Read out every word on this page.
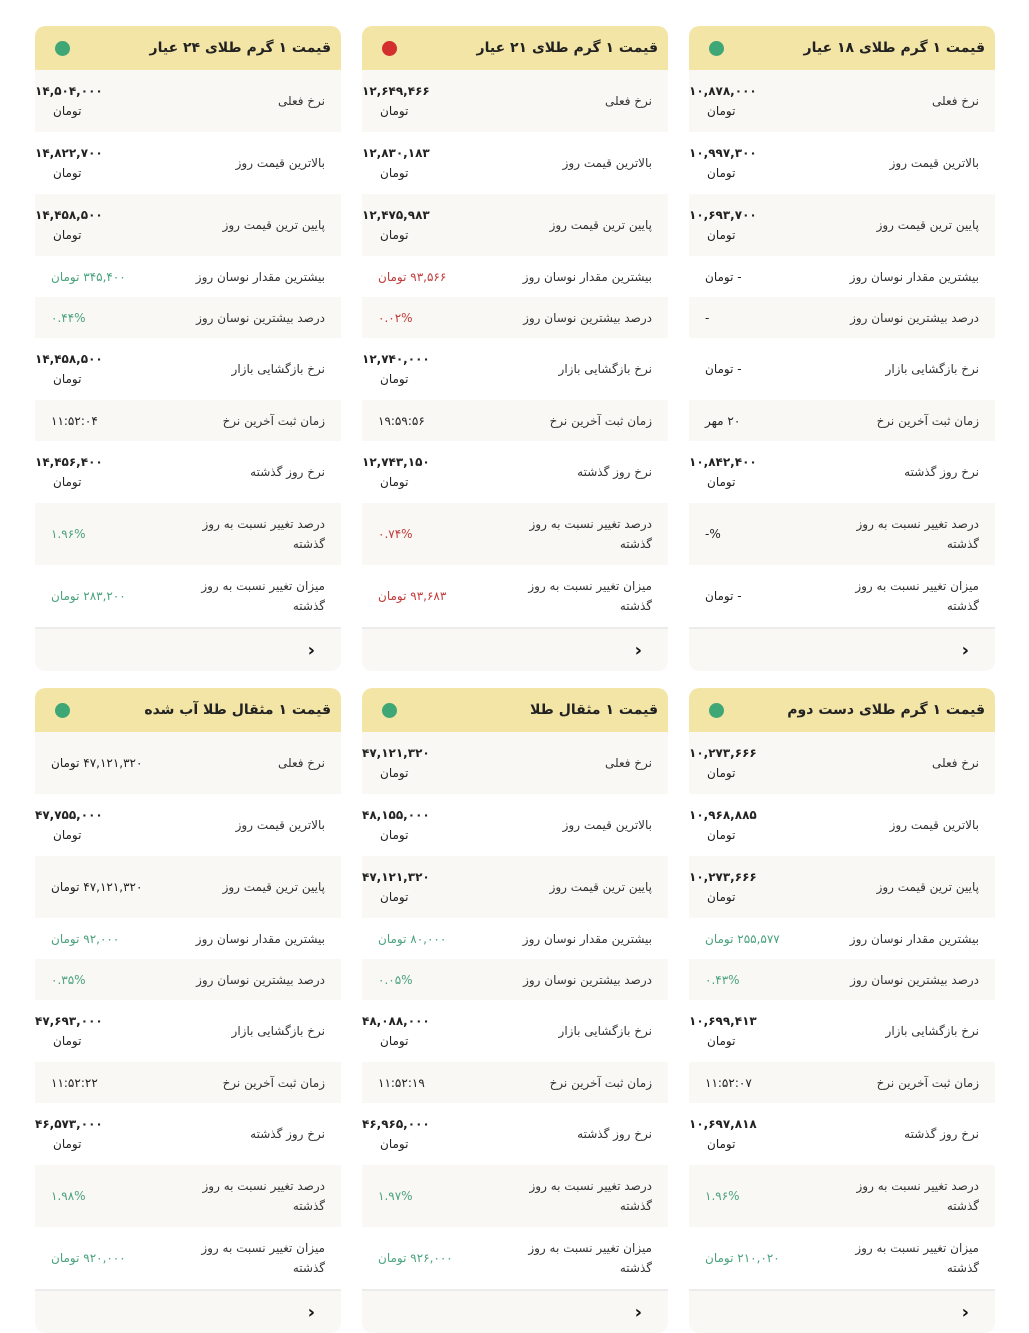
قیمت ۱ گرم طلای ۱۸ عیار
نرخ فعلی
۱۰,۸۷۸,۰۰۰
تومان
بالاترین قیمت روز
۱۰,۹۹۷,۳۰۰
تومان
پایین ترین قیمت روز
۱۰,۶۹۳,۷۰۰
تومان
بیشترین مقدار نوسان روز
- تومان
درصد بیشترین نوسان روز
-
نرخ بازگشایی بازار
- تومان
زمان ثبت آخرین نرخ
۲۰ مهر
نرخ روز گذشته
۱۰,۸۴۲,۴۰۰
تومان
درصد تغییر نسبت به روز گذشته
%-
میزان تغییر نسبت به روز گذشته
- تومان
‹
قیمت ۱ گرم طلای ۲۱ عیار
نرخ فعلی
۱۲,۶۴۹,۴۶۶
تومان
بالاترین قیمت روز
۱۲,۸۳۰,۱۸۳
تومان
پایین ترین قیمت روز
۱۲,۴۷۵,۹۸۳
تومان
بیشترین مقدار نوسان روز
۹۳,۵۶۶ تومان
درصد بیشترین نوسان روز
۰.۰۲%
نرخ بازگشایی بازار
۱۲,۷۴۰,۰۰۰
تومان
زمان ثبت آخرین نرخ
۱۹:۵۹:۵۶
نرخ روز گذشته
۱۲,۷۴۳,۱۵۰
تومان
درصد تغییر نسبت به روز گذشته
۰.۷۴%
میزان تغییر نسبت به روز گذشته
۹۳,۶۸۳ تومان
‹
قیمت ۱ گرم طلای ۲۴ عیار
نرخ فعلی
۱۴,۵۰۴,۰۰۰
تومان
بالاترین قیمت روز
۱۴,۸۲۲,۷۰۰
تومان
پایین ترین قیمت روز
۱۴,۴۵۸,۵۰۰
تومان
بیشترین مقدار نوسان روز
۳۴۵,۴۰۰ تومان
درصد بیشترین نوسان روز
۰.۴۴%
نرخ بازگشایی بازار
۱۴,۴۵۸,۵۰۰
تومان
زمان ثبت آخرین نرخ
۱۱:۵۲:۰۴
نرخ روز گذشته
۱۴,۴۵۶,۴۰۰
تومان
درصد تغییر نسبت به روز گذشته
۱.۹۶%
میزان تغییر نسبت به روز گذشته
۲۸۳,۲۰۰ تومان
‹
قیمت ۱ گرم طلای دست دوم
نرخ فعلی
۱۰,۲۷۳,۶۶۶
تومان
بالاترین قیمت روز
۱۰,۹۶۸,۸۸۵
تومان
پایین ترین قیمت روز
۱۰,۲۷۳,۶۶۶
تومان
بیشترین مقدار نوسان روز
۲۵۵,۵۷۷ تومان
درصد بیشترین نوسان روز
۰.۴۳%
نرخ بازگشایی بازار
۱۰,۶۹۹,۴۱۳
تومان
زمان ثبت آخرین نرخ
۱۱:۵۲:۰۷
نرخ روز گذشته
۱۰,۶۹۷,۸۱۸
تومان
درصد تغییر نسبت به روز گذشته
۱.۹۶%
میزان تغییر نسبت به روز گذشته
۲۱۰,۰۲۰ تومان
‹
قیمت ۱ مثقال طلا
نرخ فعلی
۴۷,۱۲۱,۳۲۰
تومان
بالاترین قیمت روز
۴۸,۱۵۵,۰۰۰
تومان
پایین ترین قیمت روز
۴۷,۱۲۱,۳۲۰
تومان
بیشترین مقدار نوسان روز
۸۰,۰۰۰ تومان
درصد بیشترین نوسان روز
۰.۰۵%
نرخ بازگشایی بازار
۴۸,۰۸۸,۰۰۰
تومان
زمان ثبت آخرین نرخ
۱۱:۵۲:۱۹
نرخ روز گذشته
۴۶,۹۶۵,۰۰۰
تومان
درصد تغییر نسبت به روز گذشته
۱.۹۷%
میزان تغییر نسبت به روز گذشته
۹۲۶,۰۰۰ تومان
‹
قیمت ۱ مثقال طلا آب شده
نرخ فعلی
۴۷,۱۲۱,۳۲۰ تومان
بالاترین قیمت روز
۴۷,۷۵۵,۰۰۰
تومان
پایین ترین قیمت روز
۴۷,۱۲۱,۳۲۰ تومان
بیشترین مقدار نوسان روز
۹۲,۰۰۰ تومان
درصد بیشترین نوسان روز
۰.۳۵%
نرخ بازگشایی بازار
۴۷,۶۹۳,۰۰۰
تومان
زمان ثبت آخرین نرخ
۱۱:۵۲:۲۲
نرخ روز گذشته
۴۶,۵۷۳,۰۰۰
تومان
درصد تغییر نسبت به روز گذشته
۱.۹۸%
میزان تغییر نسبت به روز گذشته
۹۲۰,۰۰۰ تومان
‹
